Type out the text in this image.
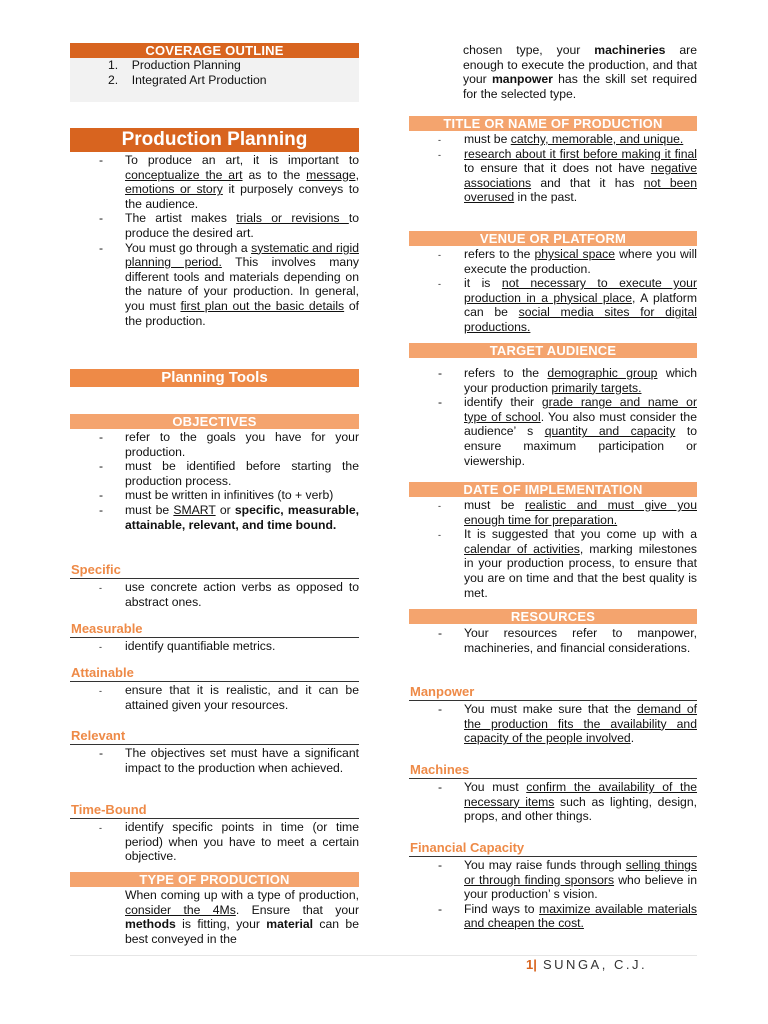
COVERAGE OUTLINE
1.    Production Planning
2.    Integrated Art Production
Production Planning
- To produce an art, it is important to conceptualize the art as to the message, emotions or story it purposely conveys to the audience.
- The artist makes trials or revisions to produce the desired art.
- You must go through a systematic and rigid planning period. This involves many different tools and materials depending on the nature of your production. In general, you must first plan out the basic details of the production.
Planning Tools
OBJECTIVES
- refer to the goals you have for your production.
- must be identified before starting the production process.
- must be written in infinitives (to + verb)
- must be SMART or specific, measurable, attainable, relevant, and time bound.
Specific
- use concrete action verbs as opposed to abstract ones.
Measurable
- identify quantifiable metrics.
Attainable
- ensure that it is realistic, and it can be attained given your resources.
Relevant
- The objectives set must have a significant impact to the production when achieved.
Time-Bound
- identify specific points in time (or time period) when you have to meet a certain objective.
TYPE OF PRODUCTION
When coming up with a type of production, consider the 4Ms. Ensure that your methods is fitting, your material can be best conveyed in the
chosen type, your machineries are enough to execute the production, and that your manpower has the skill set required for the selected type.
TITLE OR NAME OF PRODUCTION
- must be catchy, memorable, and unique.
- research about it first before making it final to ensure that it does not have negative associations and that it has not been overused in the past.
VENUE OR PLATFORM
- refers to the physical space where you will execute the production.
- it is not necessary to execute your production in a physical place, A platform can be social media sites for digital productions.
TARGET AUDIENCE
- refers to the demographic group which your production primarily targets.
- identify their grade range and name or type of school. You also must consider the audience’ s quantity and capacity to ensure maximum participation or viewership.
DATE OF IMPLEMENTATION
- must be realistic and must give you enough time for preparation.
- It is suggested that you come up with a calendar of activities, marking milestones in your production process, to ensure that you are on time and that the best quality is met.
RESOURCES
- Your resources refer to manpower, machineries, and financial considerations.
Manpower
- You must make sure that the demand of the production fits the availability and capacity of the people involved.
Machines
- You must confirm the availability of the necessary items such as lighting, design, props, and other things.
Financial Capacity
- You may raise funds through selling things or through finding sponsors who believe in your production’ s vision.
- Find ways to maximize available materials and cheapen the cost.
1| SUNGA, C.J.
